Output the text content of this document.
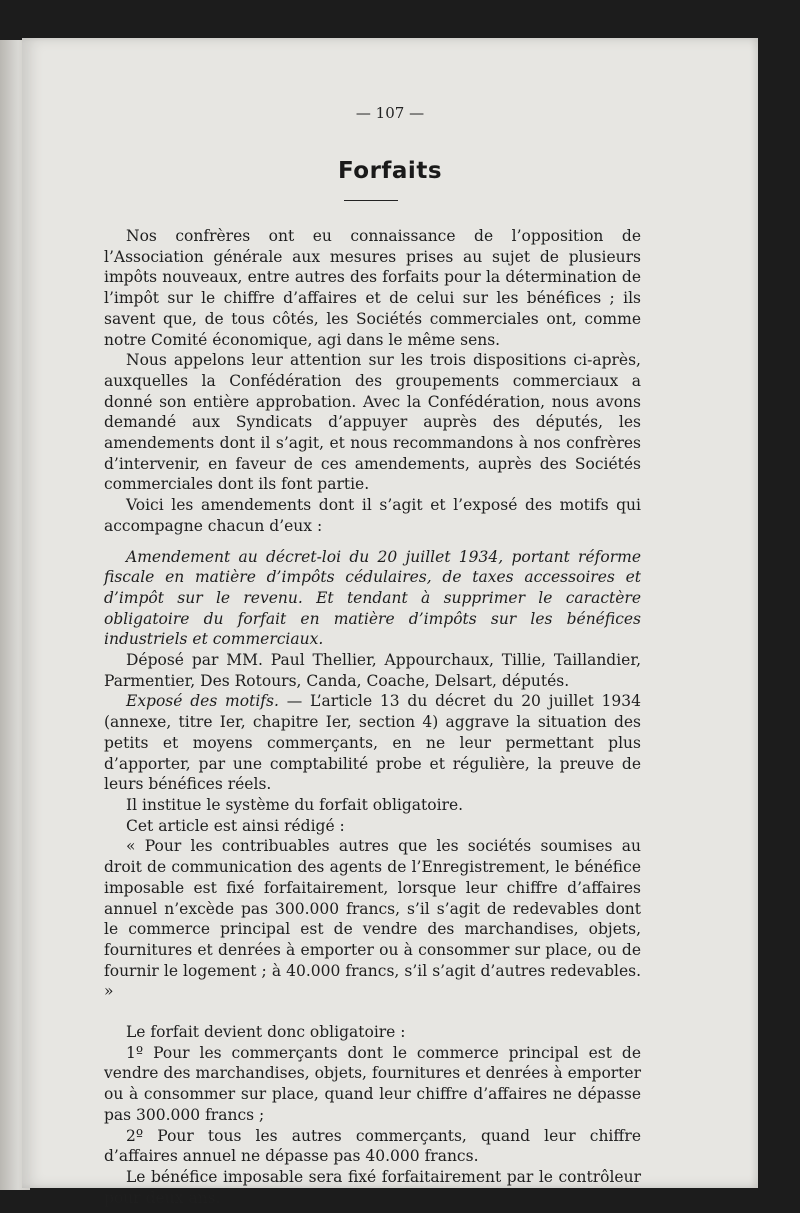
— 107 —
Forfaits

Nos confrères ont eu connaissance de l’opposition de l’Association générale aux mesures prises au sujet de plusieurs impôts nouveaux, entre autres des forfaits pour la détermination de l’impôt sur le chiffre d’affaires et de celui sur les bénéfices ; ils savent que, de tous côtés, les Sociétés commerciales ont, comme notre Comité économique, agi dans le même sens.

Nous appelons leur attention sur les trois dispositions ci-après, auxquelles la Confédération des groupements commerciaux a donné son entière approbation. Avec la Confédération, nous avons demandé aux Syndicats d’appuyer auprès des députés, les amendements dont il s’agit, et nous recommandons à nos confrères d’intervenir, en faveur de ces amendements, auprès des Sociétés commerciales dont ils font partie.

Voici les amendements dont il s’agit et l’exposé des motifs qui accompagne chacun d’eux :

Amendement au décret-loi du 20 juillet 1934, portant réforme fiscale en matière d’impôts cédulaires, de taxes accessoires et d’impôt sur le revenu. Et tendant à supprimer le caractère obligatoire du forfait en matière d’impôts sur les bénéfices industriels et commerciaux.

Déposé par MM. Paul Thellier, Appourchaux, Tillie, Taillandier, Parmentier, Des Rotours, Canda, Coache, Delsart, députés.

Exposé des motifs. — L’article 13 du décret du 20 juillet 1934 (annexe, titre Ier, chapitre Ier, section 4) aggrave la situation des petits et moyens commerçants, en ne leur permettant plus d’apporter, par une comptabilité probe et régulière, la preuve de leurs bénéfices réels.

Il institue le système du forfait obligatoire.

Cet article est ainsi rédigé :

« Pour les contribuables autres que les sociétés soumises au droit de communication des agents de l’Enregistrement, le bénéfice imposable est fixé forfaitairement, lorsque leur chiffre d’affaires annuel n’excède pas 300.000 francs, s’il s’agit de redevables dont le commerce principal est de vendre des marchandises, objets, fournitures et denrées à emporter ou à consommer sur place, ou de fournir le logement ; à 40.000 francs, s’il s’agit d’autres redevables. »

Le forfait devient donc obligatoire :

1º Pour les commerçants dont le commerce principal est de vendre des marchandises, objets, fournitures et denrées à emporter ou à consommer sur place, quand leur chiffre d’affaires ne dépasse pas 300.000 francs ;

2º Pour tous les autres commerçants, quand leur chiffre d’affaires annuel ne dépasse pas 40.000 francs.

Le bénéfice imposable sera fixé forfaitairement par le contrôleur pour deux ans.
